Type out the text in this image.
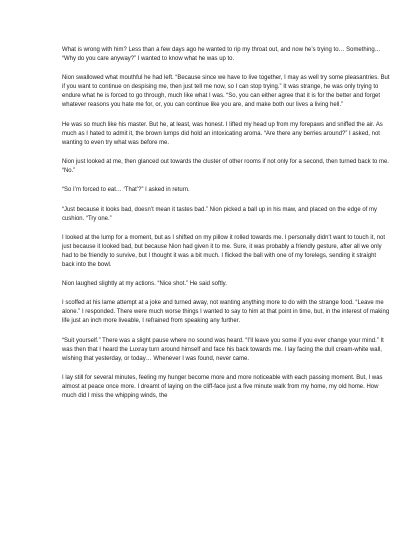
What is wrong with him? Less than a few days ago he wanted to rip my throat out, and now he’s trying to… Something… “Why do you care anyway?” I wanted to know what he was up to.

Nion swallowed what mouthful he had left. “Because since we have to live together, I may as well try some pleasantries. But if you want to continue on despising me, then just tell me now, so I can stop trying.” It was strange, he was only trying to endure what he is forced to go through, much like what I was. “So, you can either agree that it is for the better and forget whatever reasons you hate me for, or, you can continue like you are, and make both our lives a living hell.”

He was so much like his master. But he, at least, was honest. I lifted my head up from my forepaws and sniffed the air. As much as I hated to admit it, the brown lumps did hold an intoxicating aroma. “Are there any berries around?” I asked, not wanting to even try what was before me.

Nion just looked at me, then glanced out towards the cluster of other rooms if not only for a second, then turned back to me. “No.”

“So I’m forced to eat… ‘That’?” I asked in return.

“Just because it looks bad, doesn’t mean it tastes bad.” Nion picked a ball up in his maw, and placed on the edge of my cushion. “Try one.”

I looked at the lump for a moment, but as I shifted on my pillow it rolled towards me. I personally didn’t want to touch it, not just because it looked bad, but because Nion had given it to me. Sure, it was probably a friendly gesture, after all we only had to be friendly to survive, but I thought it was a bit much. I flicked the ball with one of my forelegs, sending it straight back into the bowl.

Nion laughed slightly at my actions. “Nice shot.” He said softly.

I scoffed at his lame attempt at a joke and turned away, not wanting anything more to do with the strange food. “Leave me alone.” I responded. There were much worse things I wanted to say to him at that point in time, but, in the interest of making life just an inch more liveable, I refrained from speaking any further.

“Suit yourself.” There was a slight pause where no sound was heard. “I’ll leave you some if you ever change your mind.” It was then that I heard the Luxray turn around himself and face his back towards me. I lay facing the dull cream-white wall, wishing that yesterday, or today… Whenever I was found, never came.

I lay still for several minutes, feeling my hunger become more and more noticeable with each passing moment. But, I was almost at peace once more. I dreamt of laying on the cliff-face just a five minute walk from my home, my old home. How much did I miss the whipping winds, the
